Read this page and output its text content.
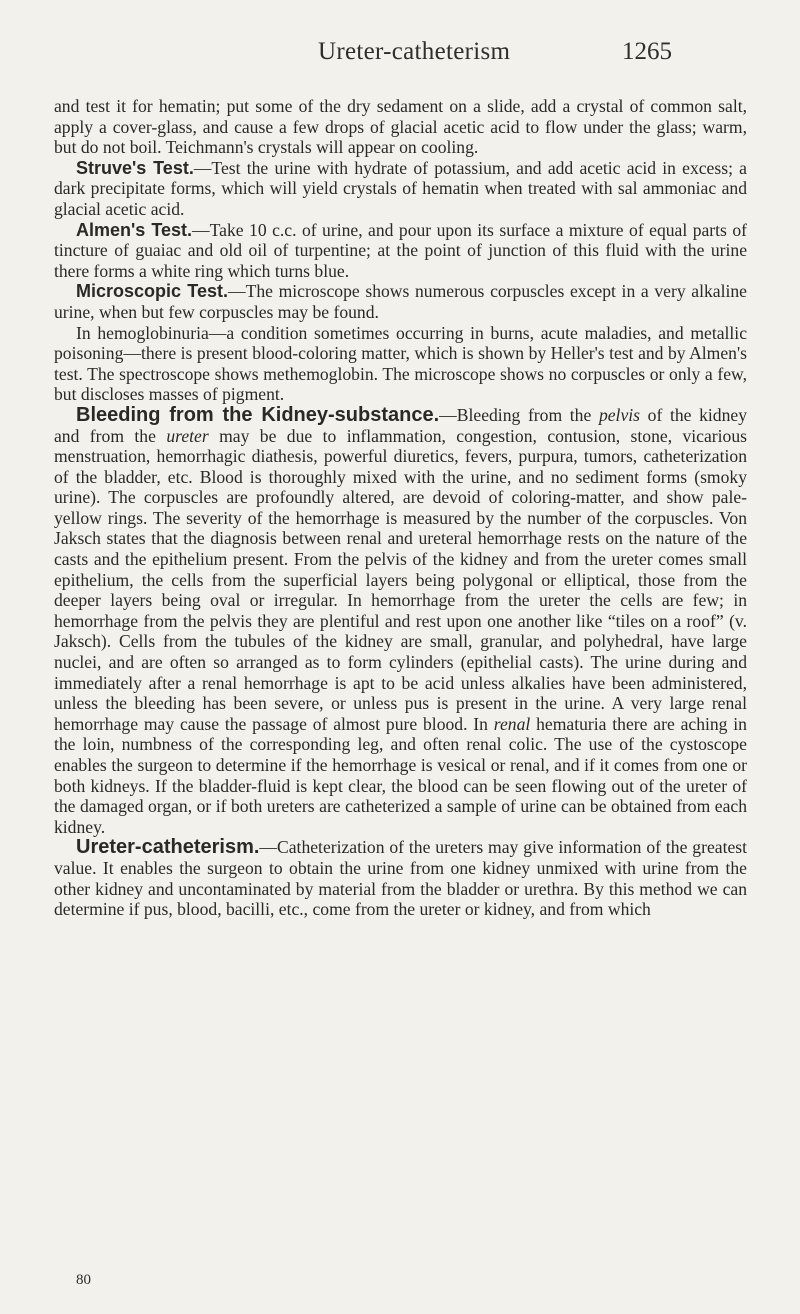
Ureter-catheterism	1265

and test it for hematin; put some of the dry sedament on a slide, add a crystal of common salt, apply a cover-glass, and cause a few drops of glacial acetic acid to flow under the glass; warm, but do not boil. Teichmann's crystals will appear on cooling.

Struve's Test.—Test the urine with hydrate of potassium, and add acetic acid in excess; a dark precipitate forms, which will yield crystals of hematin when treated with sal ammoniac and glacial acetic acid.

Almen's Test.—Take 10 c.c. of urine, and pour upon its surface a mixture of equal parts of tincture of guaiac and old oil of turpentine; at the point of junction of this fluid with the urine there forms a white ring which turns blue.

Microscopic Test.—The microscope shows numerous corpuscles except in a very alkaline urine, when but few corpuscles may be found.

In hemoglobinuria—a condition sometimes occurring in burns, acute maladies, and metallic poisoning—there is present blood-coloring matter, which is shown by Heller's test and by Almen's test. The spectroscope shows methemoglobin. The microscope shows no corpuscles or only a few, but discloses masses of pigment.

Bleeding from the Kidney-substance.—Bleeding from the pelvis of the kidney and from the ureter may be due to inflammation, congestion, contusion, stone, vicarious menstruation, hemorrhagic diathesis, powerful diuretics, fevers, purpura, tumors, catheterization of the bladder, etc. Blood is thoroughly mixed with the urine, and no sediment forms (smoky urine). The corpuscles are profoundly altered, are devoid of coloring-matter, and show pale-yellow rings. The severity of the hemorrhage is measured by the number of the corpuscles. Von Jaksch states that the diagnosis between renal and ureteral hemorrhage rests on the nature of the casts and the epithelium present. From the pelvis of the kidney and from the ureter comes small epithelium, the cells from the superficial layers being polygonal or elliptical, those from the deeper layers being oval or irregular. In hemorrhage from the ureter the cells are few; in hemorrhage from the pelvis they are plentiful and rest upon one another like “tiles on a roof” (v. Jaksch). Cells from the tubules of the kidney are small, granular, and polyhedral, have large nuclei, and are often so arranged as to form cylinders (epithelial casts). The urine during and immediately after a renal hemorrhage is apt to be acid unless alkalies have been administered, unless the bleeding has been severe, or unless pus is present in the urine. A very large renal hemorrhage may cause the passage of almost pure blood. In renal hematuria there are aching in the loin, numbness of the corresponding leg, and often renal colic. The use of the cystoscope enables the surgeon to determine if the hemorrhage is vesical or renal, and if it comes from one or both kidneys. If the bladder-fluid is kept clear, the blood can be seen flowing out of the ureter of the damaged organ, or if both ureters are catheterized a sample of urine can be obtained from each kidney.

Ureter-catheterism.—Catheterization of the ureters may give information of the greatest value. It enables the surgeon to obtain the urine from one kidney unmixed with urine from the other kidney and uncontaminated by material from the bladder or urethra. By this method we can determine if pus, blood, bacilli, etc., come from the ureter or kidney, and from which

80
